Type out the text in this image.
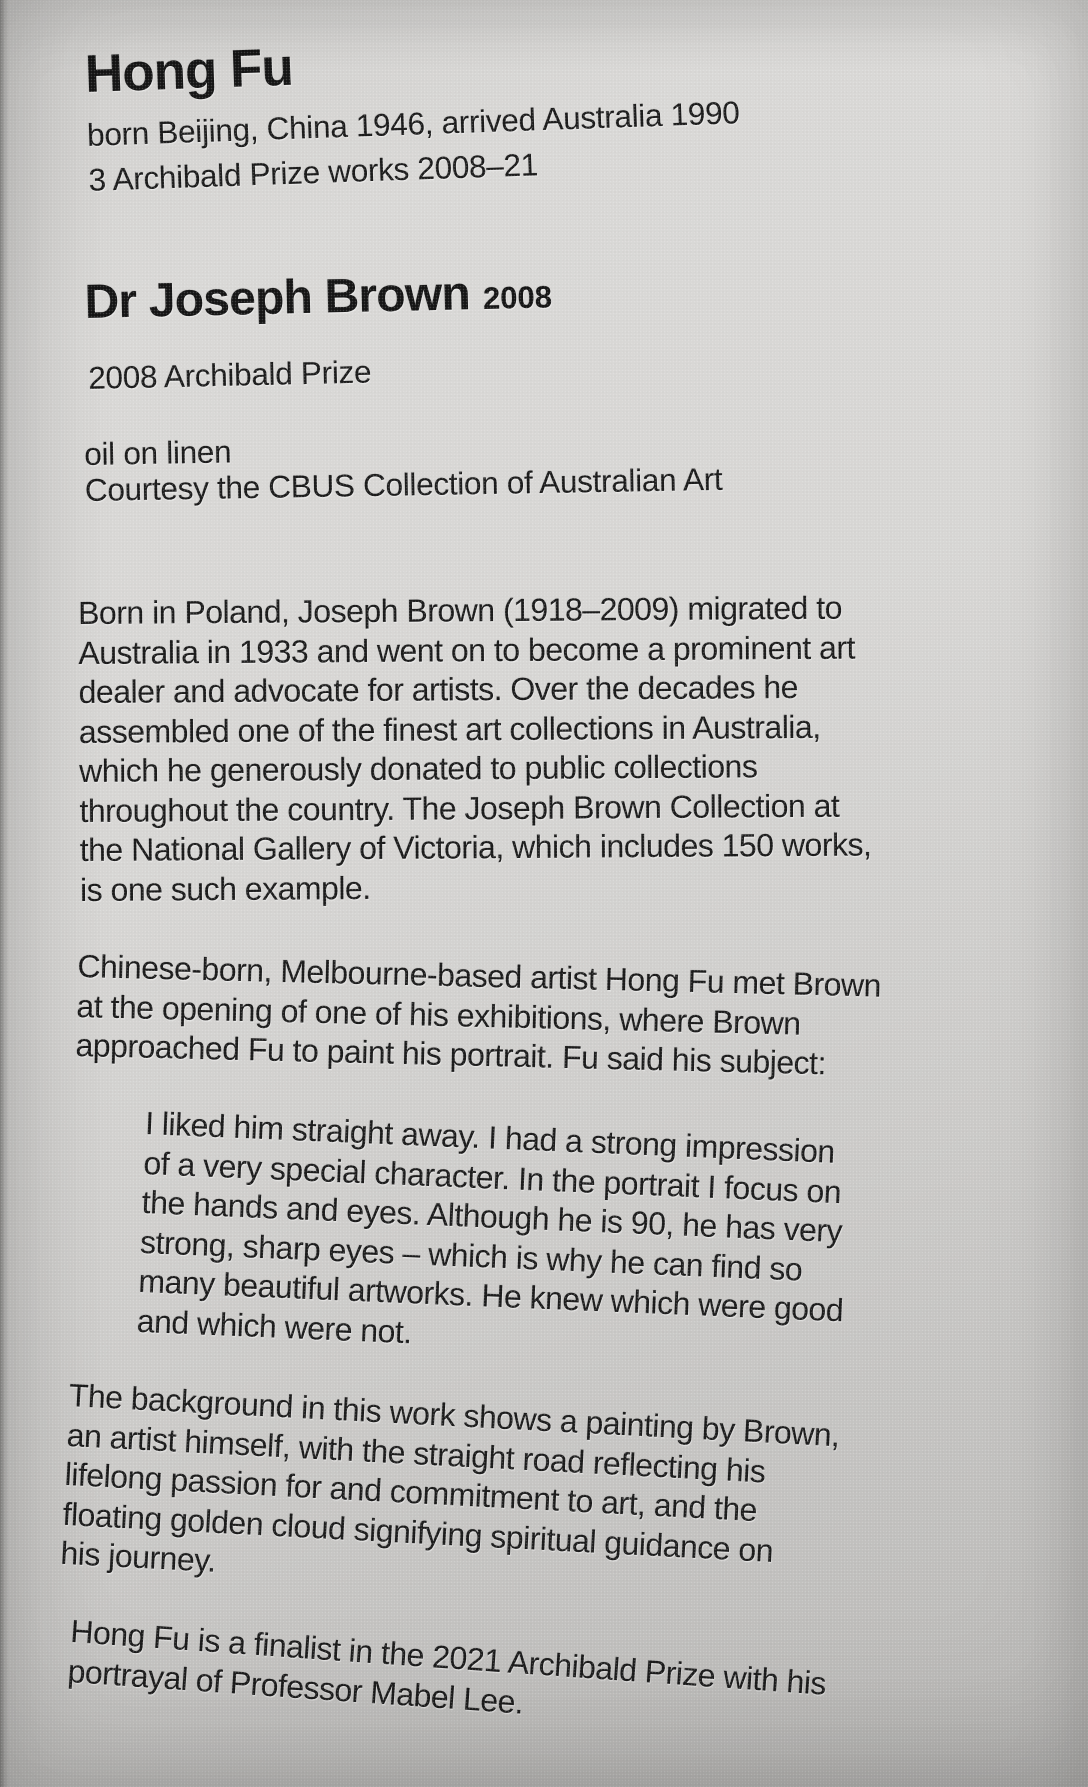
Hong Fu

born Beijing, China 1946, arrived Australia 1990
3 Archibald Prize works 2008–21

Dr Joseph Brown 2008

2008 Archibald Prize

oil on linen
Courtesy the CBUS Collection of Australian Art

Born in Poland, Joseph Brown (1918–2009) migrated to
Australia in 1933 and went on to become a prominent art
dealer and advocate for artists. Over the decades he
assembled one of the finest art collections in Australia,
which he generously donated to public collections
throughout the country. The Joseph Brown Collection at
the National Gallery of Victoria, which includes 150 works,
is one such example.

Chinese-born, Melbourne-based artist Hong Fu met Brown
at the opening of one of his exhibitions, where Brown
approached Fu to paint his portrait. Fu said his subject:

I liked him straight away. I had a strong impression
of a very special character. In the portrait I focus on
the hands and eyes. Although he is 90, he has very
strong, sharp eyes – which is why he can find so
many beautiful artworks. He knew which were good
and which were not.

The background in this work shows a painting by Brown,
an artist himself, with the straight road reflecting his
lifelong passion for and commitment to art, and the
floating golden cloud signifying spiritual guidance on
his journey.

Hong Fu is a finalist in the 2021 Archibald Prize with his
portrayal of Professor Mabel Lee.
